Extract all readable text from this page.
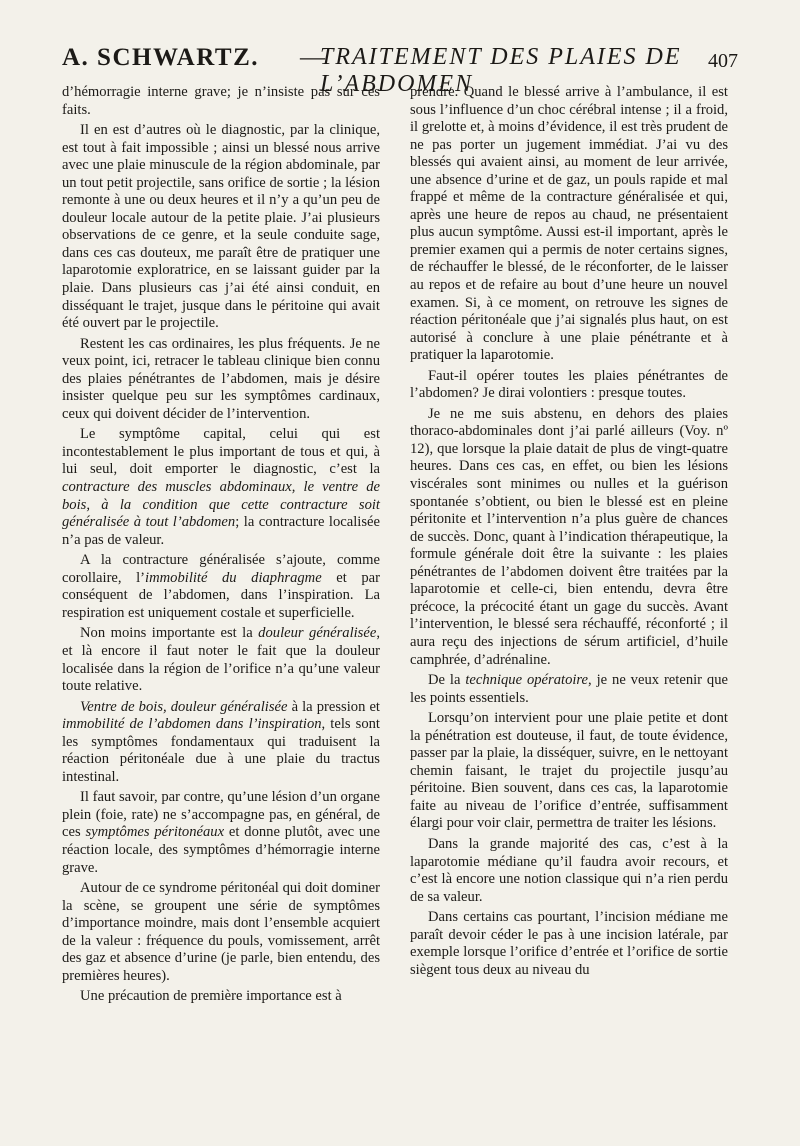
A. SCHWARTZ. —
TRAITEMENT DES PLAIES DE L’ABDOMEN
407

d’hémorragie interne grave; je n’insiste pas sur ces faits.

Il en est d’autres où le diagnostic, par la clinique, est tout à fait impossible ; ainsi un blessé nous arrive avec une plaie minuscule de la région abdominale, par un tout petit projectile, sans orifice de sortie ; la lésion remonte à une ou deux heures et il n’y a qu’un peu de douleur locale autour de la petite plaie. J’ai plusieurs observations de ce genre, et la seule conduite sage, dans ces cas douteux, me paraît être de pratiquer une laparotomie exploratrice, en se laissant guider par la plaie. Dans plusieurs cas j’ai été ainsi conduit, en disséquant le trajet, jusque dans le péritoine qui avait été ouvert par le projectile.

Restent les cas ordinaires, les plus fréquents. Je ne veux point, ici, retracer le tableau clinique bien connu des plaies pénétrantes de l’abdomen, mais je désire insister quelque peu sur les symptômes cardinaux, ceux qui doivent décider de l’intervention.

Le symptôme capital, celui qui est incontestablement le plus important de tous et qui, à lui seul, doit emporter le diagnostic, c’est la contracture des muscles abdominaux, le ventre de bois, à la condition que cette contracture soit généralisée à tout l’abdomen; la contracture localisée n’a pas de valeur.

A la contracture généralisée s’ajoute, comme corollaire, l’immobilité du diaphragme et par conséquent de l’abdomen, dans l’inspiration. La respiration est uniquement costale et superficielle.

Non moins importante est la douleur généralisée, et là encore il faut noter le fait que la douleur localisée dans la région de l’orifice n’a qu’une valeur toute relative.

Ventre de bois, douleur généralisée à la pression et immobilité de l’abdomen dans l’inspiration, tels sont les symptômes fondamentaux qui traduisent la réaction péritonéale due à une plaie du tractus intestinal.

Il faut savoir, par contre, qu’une lésion d’un organe plein (foie, rate) ne s’accompagne pas, en général, de ces symptômes péritonéaux et donne plutôt, avec une réaction locale, des symptômes d’hémorragie interne grave.

Autour de ce syndrome péritonéal qui doit dominer la scène, se groupent une série de symptômes d’importance moindre, mais dont l’ensemble acquiert de la valeur : fréquence du pouls, vomissement, arrêt des gaz et absence d’urine (je parle, bien entendu, des premières heures).

Une précaution de première importance est à

prendre. Quand le blessé arrive à l’ambulance, il est sous l’influence d’un choc cérébral intense ; il a froid, il grelotte et, à moins d’évidence, il est très prudent de ne pas porter un jugement immédiat. J’ai vu des blessés qui avaient ainsi, au moment de leur arrivée, une absence d’urine et de gaz, un pouls rapide et mal frappé et même de la contracture généralisée et qui, après une heure de repos au chaud, ne présentaient plus aucun symptôme. Aussi est-il important, après le premier examen qui a permis de noter certains signes, de réchauffer le blessé, de le réconforter, de le laisser au repos et de refaire au bout d’une heure un nouvel examen. Si, à ce moment, on retrouve les signes de réaction péritonéale que j’ai signalés plus haut, on est autorisé à conclure à une plaie pénétrante et à pratiquer la laparotomie.

Faut-il opérer toutes les plaies pénétrantes de l’abdomen? Je dirai volontiers : presque toutes.

Je ne me suis abstenu, en dehors des plaies thoraco-abdominales dont j’ai parlé ailleurs (Voy. nº 12), que lorsque la plaie datait de plus de vingt-quatre heures. Dans ces cas, en effet, ou bien les lésions viscérales sont minimes ou nulles et la guérison spontanée s’obtient, ou bien le blessé est en pleine péritonite et l’intervention n’a plus guère de chances de succès. Donc, quant à l’indication thérapeutique, la formule générale doit être la suivante : les plaies pénétrantes de l’abdomen doivent être traitées par la laparotomie et celle-ci, bien entendu, devra être précoce, la précocité étant un gage du succès. Avant l’intervention, le blessé sera réchauffé, réconforté ; il aura reçu des injections de sérum artificiel, d’huile camphrée, d’adrénaline.

De la technique opératoire, je ne veux retenir que les points essentiels.

Lorsqu’on intervient pour une plaie petite et dont la pénétration est douteuse, il faut, de toute évidence, passer par la plaie, la disséquer, suivre, en le nettoyant chemin faisant, le trajet du projectile jusqu’au péritoine. Bien souvent, dans ces cas, la laparotomie faite au niveau de l’orifice d’entrée, suffisamment élargi pour voir clair, permettra de traiter les lésions.

Dans la grande majorité des cas, c’est à la laparotomie médiane qu’il faudra avoir recours, et c’est là encore une notion classique qui n’a rien perdu de sa valeur.

Dans certains cas pourtant, l’incision médiane me paraît devoir céder le pas à une incision latérale, par exemple lorsque l’orifice d’entrée et l’orifice de sortie siègent tous deux au niveau du
